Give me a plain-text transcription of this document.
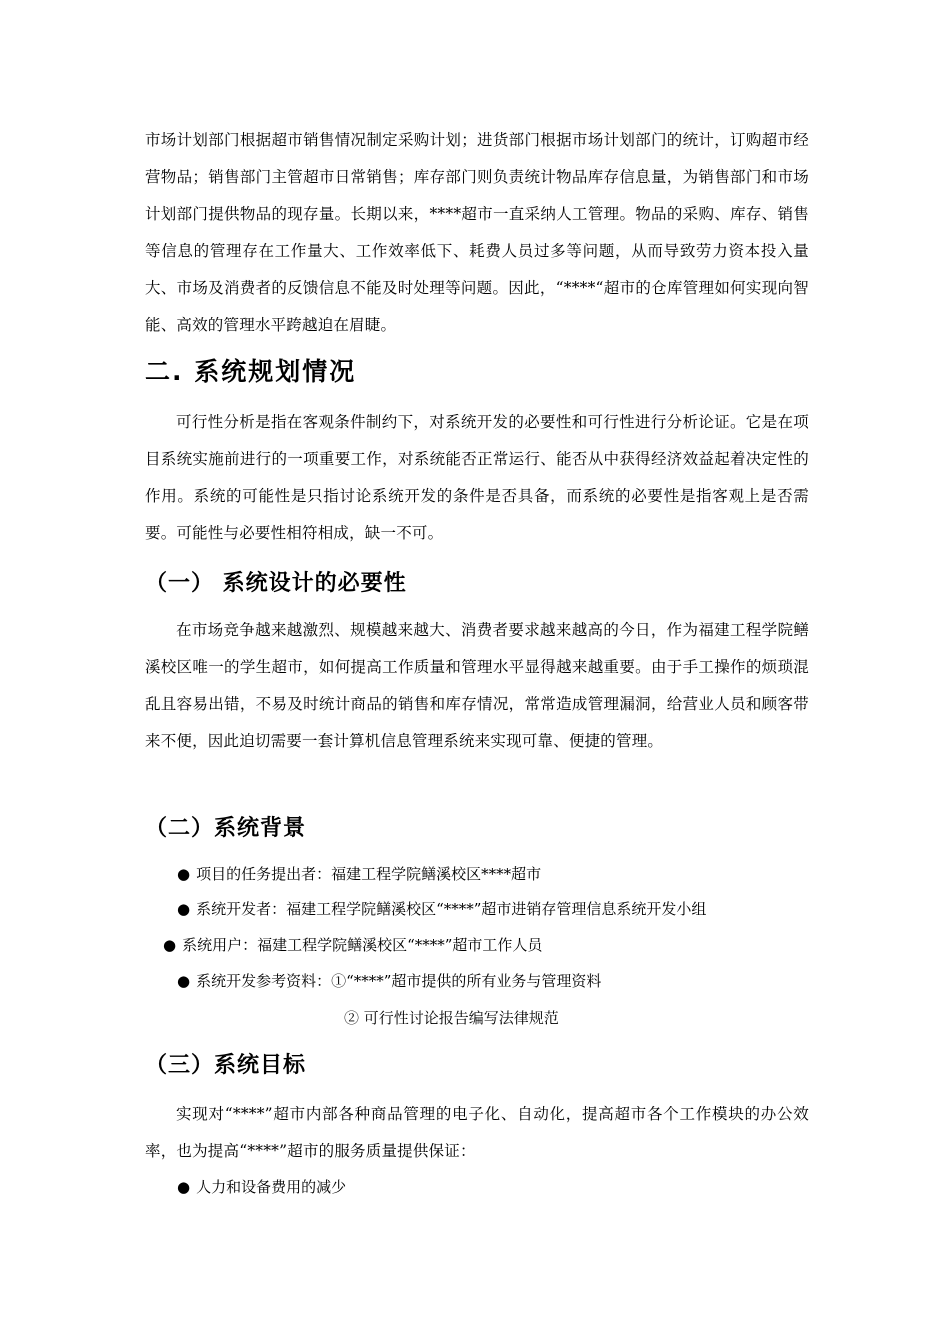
市场计划部门根据超市销售情况制定采购计划；进货部门根据市场计划部门的统计，订购超市经营物品；销售部门主管超市日常销售；库存部门则负责统计物品库存信息量，为销售部门和市场计划部门提供物品的现存量。长期以来，****超市一直采纳人工管理。物品的采购、库存、销售等信息的管理存在工作量大、工作效率低下、耗费人员过多等问题，从而导致劳力资本投入量大、市场及消费者的反馈信息不能及时处理等问题。因此，“****“超市的仓库管理如何实现向智能、高效的管理水平跨越迫在眉睫。

二. 系统规划情况

可行性分析是指在客观条件制约下，对系统开发的必要性和可行性进行分析论证。它是在项目系统实施前进行的一项重要工作，对系统能否正常运行、能否从中获得经济效益起着决定性的作用。系统的可能性是只指讨论系统开发的条件是否具备，而系统的必要性是指客观上是否需要。可能性与必要性相符相成，缺一不可。

（一） 系统设计的必要性

在市场竞争越来越激烈、规模越来越大、消费者要求越来越高的今日，作为福建工程学院鳝溪校区唯一的学生超市，如何提高工作质量和管理水平显得越来越重要。由于手工操作的烦琐混乱且容易出错，不易及时统计商品的销售和库存情况，常常造成管理漏洞，给营业人员和顾客带来不便，因此迫切需要一套计算机信息管理系统来实现可靠、便捷的管理。

（二）系统背景

● 项目的任务提出者：福建工程学院鳝溪校区****超市

● 系统开发者：福建工程学院鳝溪校区“****”超市进销存管理信息系统开发小组

● 系统用户：福建工程学院鳝溪校区“****”超市工作人员

● 系统开发参考资料：①“****”超市提供的所有业务与管理资料

② 可行性讨论报告编写法律规范

（三）系统目标

实现对“****”超市内部各种商品管理的电子化、自动化，提高超市各个工作模块的办公效率，也为提高“****”超市的服务质量提供保证：

● 人力和设备费用的减少
